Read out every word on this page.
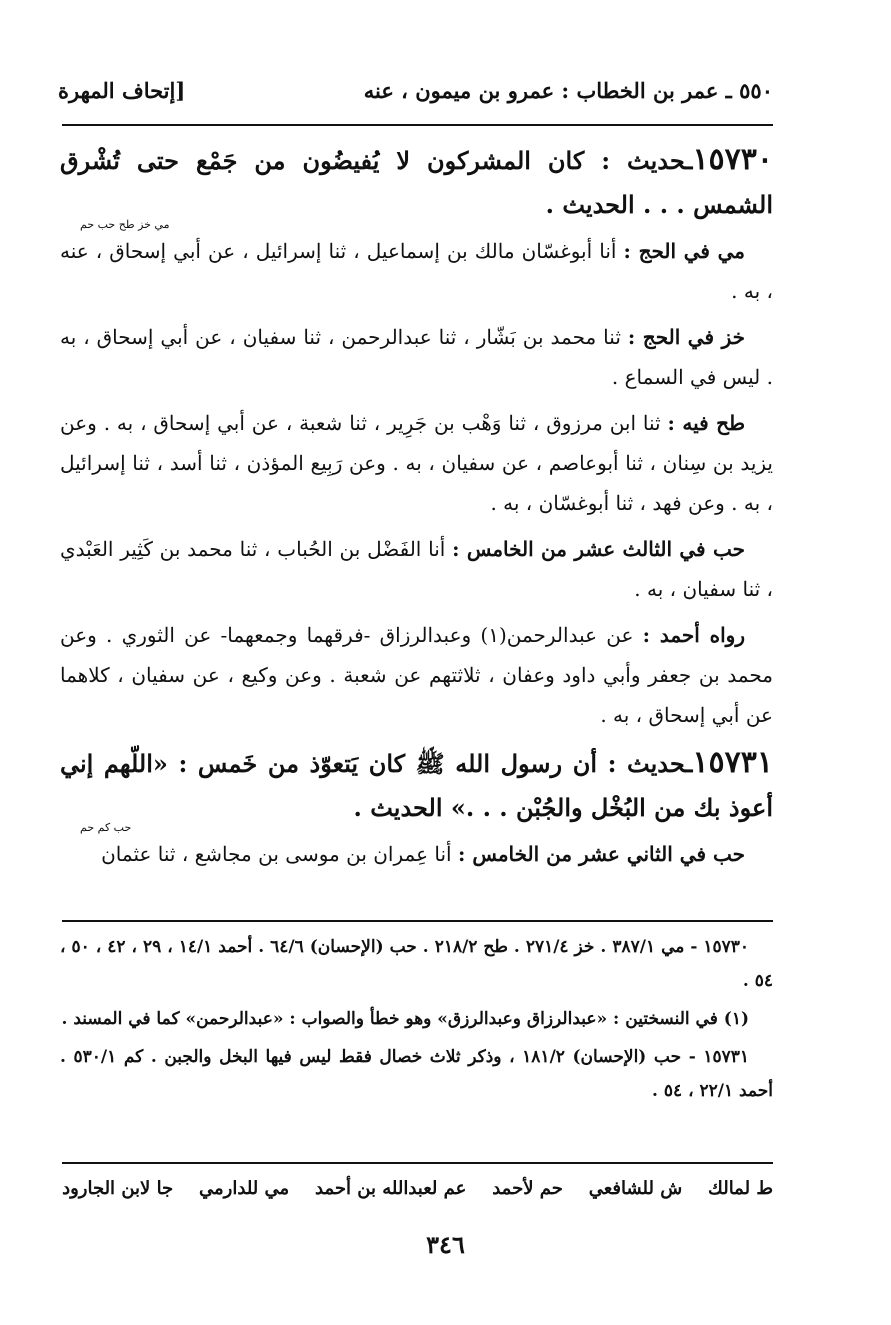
٥٥٠ ـ عمر بن الخطاب : عمرو بن ميمون ، عنه
[إتحاف المهرة
١٥٧٣٠ـحديث : كان المشركون لا يُفيضُون من جَمْع حتى تُشْرق الشمس . . . الحديث .
مي خز طح حب حم

مي في الحج : أنا أبوغسّان مالك بن إسماعيل ، ثنا إسرائيل ، عن أبي إسحاق ، عنه ، به .

خز في الحج : ثنا محمد بن بَشّار ، ثنا عبدالرحمن ، ثنا سفيان ، عن أبي إسحاق ، به . ليس في السماع .

طح فيه : ثنا ابن مرزوق ، ثنا وَهْب بن جَرِير ، ثنا شعبة ، عن أبي إسحاق ، به . وعن يزيد بن سِنان ، ثنا أبوعاصم ، عن سفيان ، به . وعن رَبِيع المؤذن ، ثنا أسد ، ثنا إسرائيل ، به . وعن فهد ، ثنا أبوغسّان ، به .

حب في الثالث عشر من الخامس : أنا الفَضْل بن الحُباب ، ثنا محمد بن كَثِير العَبْدي ، ثنا سفيان ، به .

رواه أحمد : عن عبدالرحمن(١) وعبدالرزاق -فرقهما وجمعهما- عن الثوري . وعن محمد بن جعفر وأبي داود وعفان ، ثلاثتهم عن شعبة . وعن وكيع ، عن سفيان ، كلاهما عن أبي إسحاق ، به .

١٥٧٣١ـحديث : أن رسول الله ﷺ كان يَتعوّذ من خَمس : «اللّهم إني أعوذ بك من البُخْل والجُبْن . . .» الحديث .
حب كم حم

حب في الثاني عشر من الخامس : أنا عِمران بن موسى بن مجاشع ، ثنا عثمان

١٥٧٣٠ - مي ٣٨٧/١ . خز ٢٧١/٤ . طح ٢١٨/٢ . حب (الإحسان) ٦٤/٦ . أحمد ١٤/١ ، ٢٩ ، ٤٢ ، ٥٠ ، ٥٤ .

(١) في النسختين : «عبدالرزاق وعبدالرزق» وهو خطأ والصواب : «عبدالرحمن» كما في المسند .

١٥٧٣١ - حب (الإحسان) ١٨١/٢ ، وذكر ثلاث خصال فقط ليس فيها البخل والجبن . كم ٥٣٠/١ . أحمد ٢٢/١ ، ٥٤ .

ط لمالك
ش للشافعي
حم لأحمد
عم لعبدالله بن أحمد
مي للدارمي
جا لابن الجارود
٣٤٦
